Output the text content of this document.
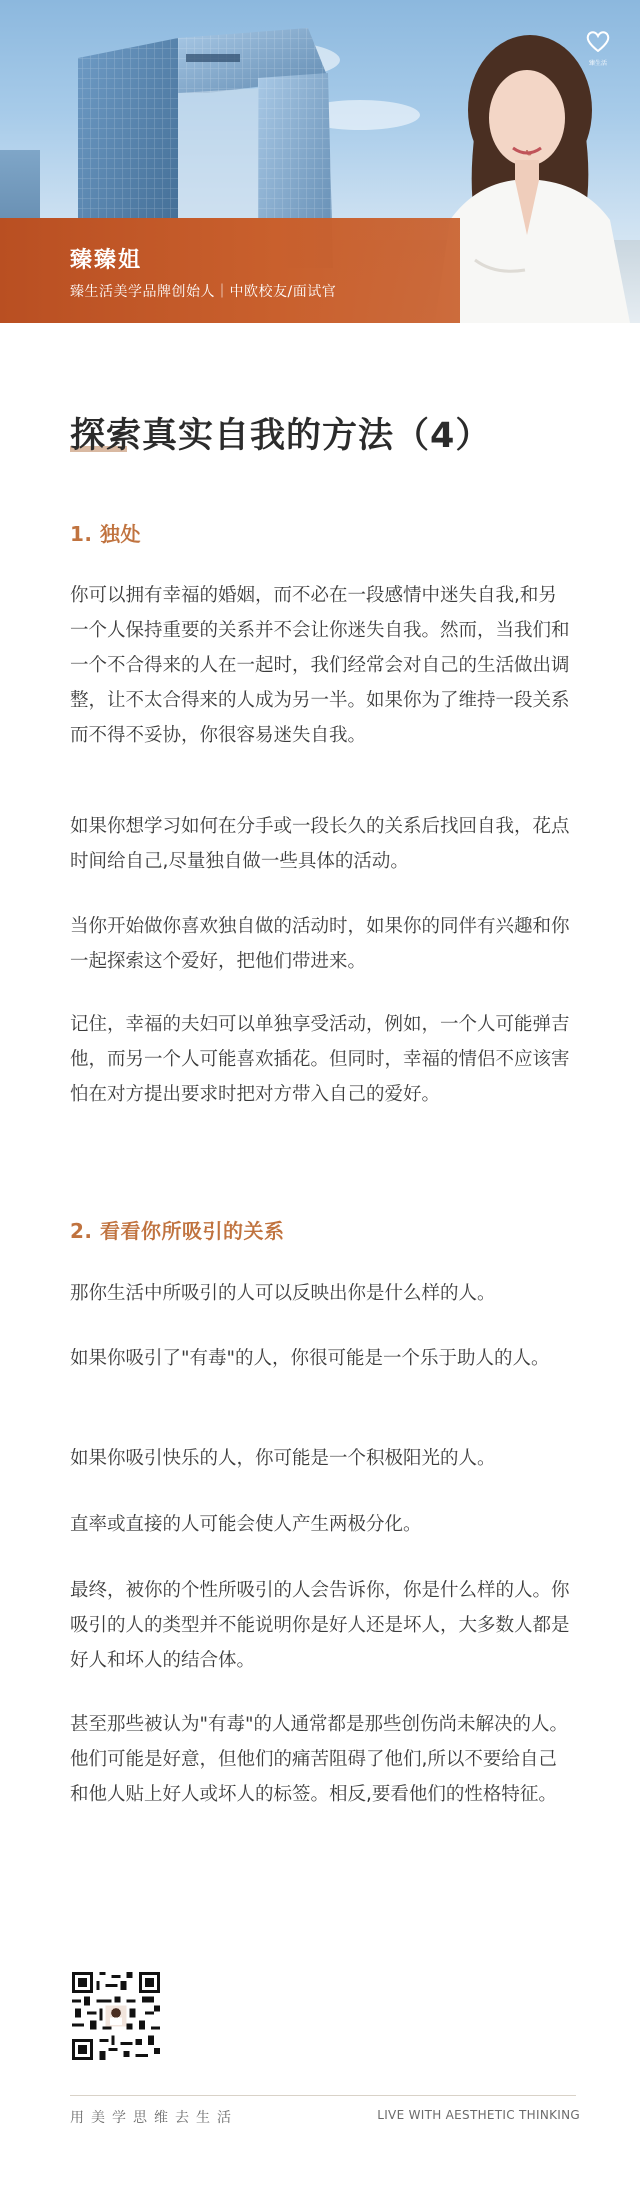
臻生活
臻臻姐
臻生活美学品牌创始人｜中欧校友/面试官
探索真实自我的方法（4）
1. 独处

你可以拥有幸福的婚姻，而不必在一段感情中迷失自我,和另一个人保持重要的关系并不会让你迷失自我。然而，当我们和一个不合得来的人在一起时，我们经常会对自己的生活做出调整，让不太合得来的人成为另一半。如果你为了维持一段关系而不得不妥协，你很容易迷失自我。

如果你想学习如何在分手或一段长久的关系后找回自我，花点时间给自己,尽量独自做一些具体的活动。

当你开始做你喜欢独自做的活动时，如果你的同伴有兴趣和你一起探索这个爱好，把他们带进来。

记住，幸福的夫妇可以单独享受活动，例如，一个人可能弹吉他，而另一个人可能喜欢插花。但同时，幸福的情侣不应该害怕在对方提出要求时把对方带入自己的爱好。

2. 看看你所吸引的关系

那你生活中所吸引的人可以反映出你是什么样的人。

如果你吸引了"有毒"的人，你很可能是一个乐于助人的人。

如果你吸引快乐的人，你可能是一个积极阳光的人。

直率或直接的人可能会使人产生两极分化。

最终，被你的个性所吸引的人会告诉你，你是什么样的人。你吸引的人的类型并不能说明你是好人还是坏人，大多数人都是好人和坏人的结合体。

甚至那些被认为"有毒"的人通常都是那些创伤尚未解决的人。他们可能是好意，但他们的痛苦阻碍了他们,所以不要给自己和他人贴上好人或坏人的标签。相反,要看他们的性格特征。

用美学思维去生活	LIVE WITH AESTHETIC THINKING
